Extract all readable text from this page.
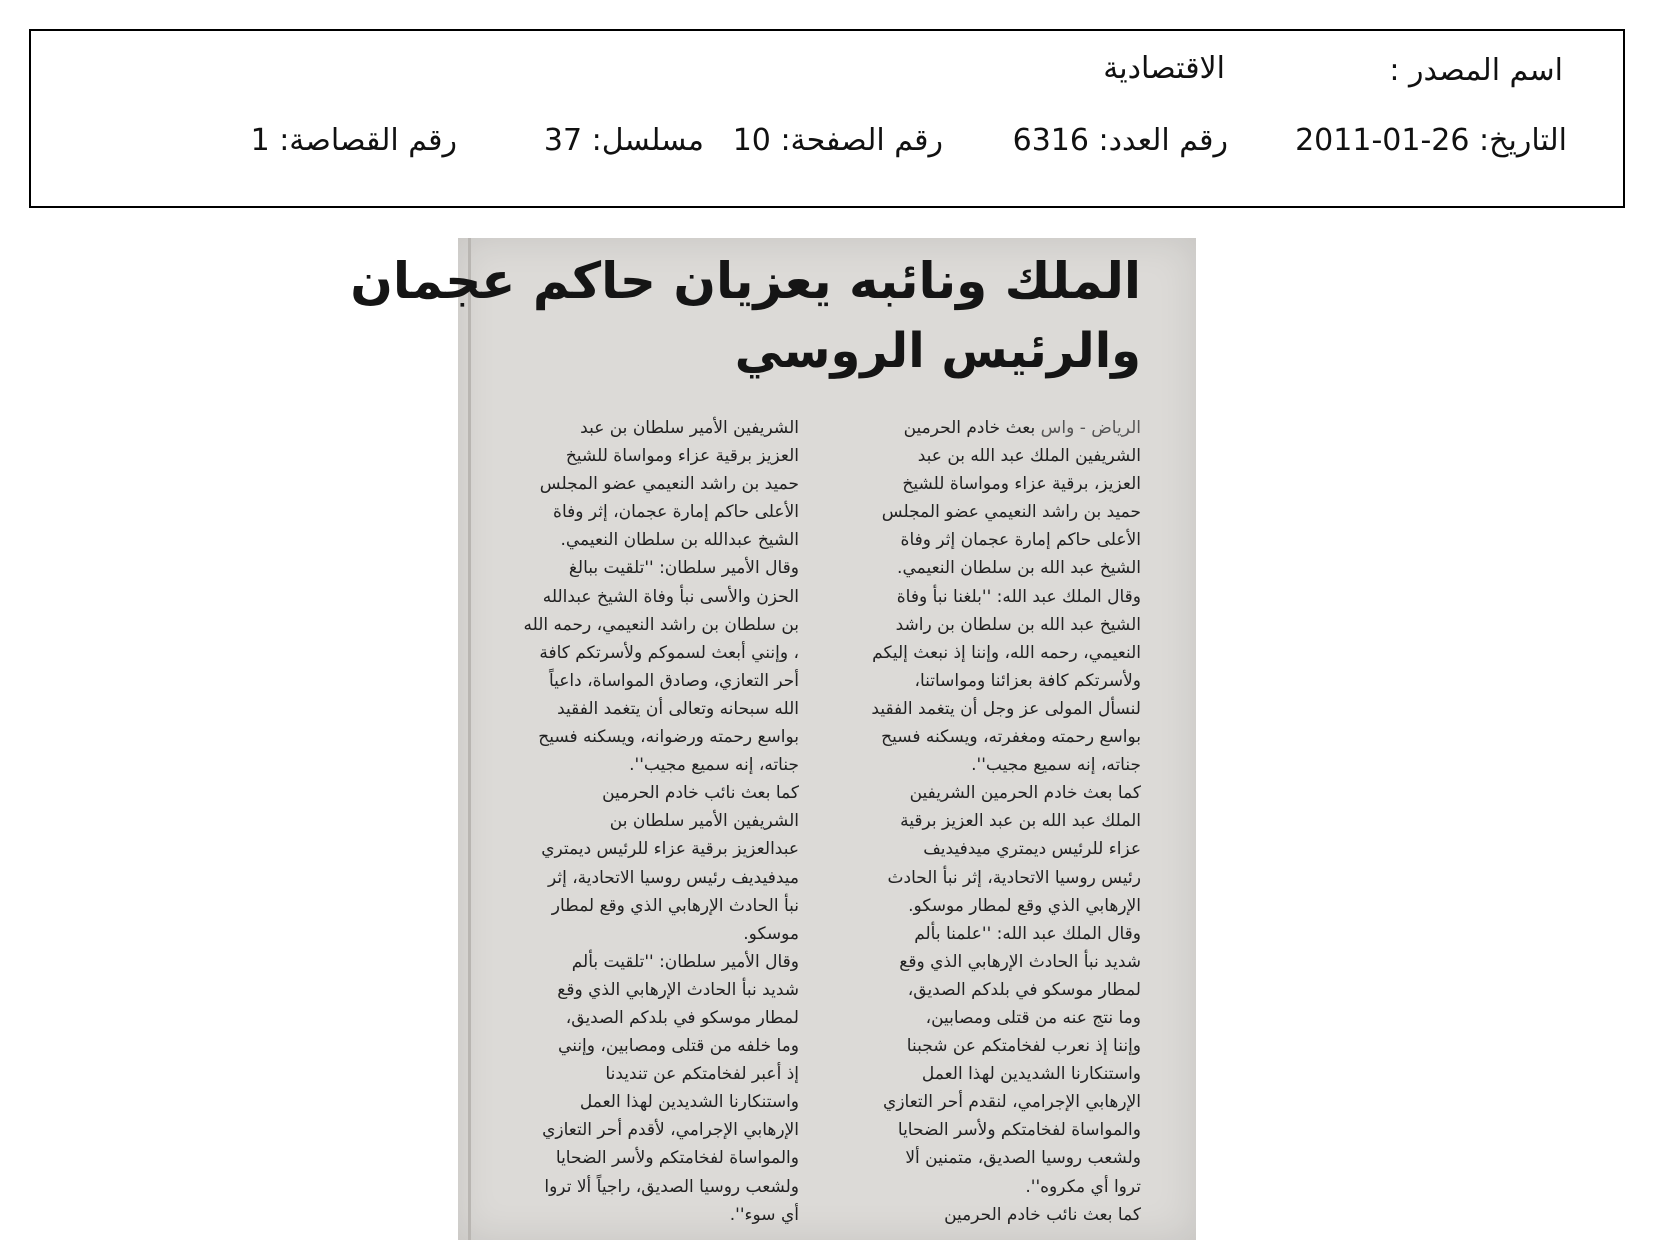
اسم المصدر :
الاقتصادية
التاريخ: 26-01-2011
رقم العدد: 6316
رقم الصفحة: 10
مسلسل: 37
رقم القصاصة: 1
الملك ونائبه يعزيان حاكم عجمان
والرئيس الروسي

الرياض - واس بعث خادم الحرمين

الشريفين الملك عبد الله بن عبد

العزيز، برقية عزاء ومواساة للشيخ

حميد بن راشد النعيمي عضو المجلس

الأعلى حاكم إمارة عجمان إثر وفاة

الشيخ عبد الله بن سلطان النعيمي.

وقال الملك عبد الله: ''بلغنا نبأ وفاة

الشيخ عبد الله بن سلطان بن راشد

النعيمي، رحمه الله، وإننا إذ نبعث إليكم

ولأسرتكم كافة بعزائنا ومواساتنا،

لنسأل المولى عز وجل أن يتغمد الفقيد

بواسع رحمته ومغفرته، ويسكنه فسيح

جناته، إنه سميع مجيب''.

كما بعث خادم الحرمين الشريفين

الملك عبد الله بن عبد العزيز برقية

عزاء للرئيس ديمتري ميدفيديف

رئيس روسيا الاتحادية، إثر نبأ الحادث

الإرهابي الذي وقع لمطار موسكو.

وقال الملك عبد الله: ''علمنا بألم

شديد نبأ الحادث الإرهابي الذي وقع

لمطار موسكو في بلدكم الصديق،

وما نتج عنه من قتلى ومصابين،

وإننا إذ نعرب لفخامتكم عن شجبنا

واستنكارنا الشديدين لهذا العمل

الإرهابي الإجرامي، لنقدم أحر التعازي

والمواساة لفخامتكم ولأسر الضحايا

ولشعب روسيا الصديق، متمنين ألا

تروا أي مكروه''.

كما بعث نائب خادم الحرمين

الشريفين الأمير سلطان بن عبد

العزيز برقية عزاء ومواساة للشيخ

حميد بن راشد النعيمي عضو المجلس

الأعلى حاكم إمارة عجمان، إثر وفاة

الشيخ عبدالله بن سلطان النعيمي.

وقال الأمير سلطان: ''تلقيت ببالغ

الحزن والأسى نبأ وفاة الشيخ عبدالله

بن سلطان بن راشد النعيمي، رحمه الله

، وإنني أبعث لسموكم ولأسرتكم كافة

أحر التعازي، وصادق المواساة، داعياً

الله سبحانه وتعالى أن يتغمد الفقيد

بواسع رحمته ورضوانه، ويسكنه فسيح

جناته، إنه سميع مجيب''.

كما بعث نائب خادم الحرمين

الشريفين الأمير سلطان بن

عبدالعزيز برقية عزاء للرئيس ديمتري

ميدفيديف رئيس روسيا الاتحادية، إثر

نبأ الحادث الإرهابي الذي وقع لمطار

موسكو.

وقال الأمير سلطان: ''تلقيت بألم

شديد نبأ الحادث الإرهابي الذي وقع

لمطار موسكو في بلدكم الصديق،

وما خلفه من قتلى ومصابين، وإنني

إذ أعبر لفخامتكم عن تنديدنا

واستنكارنا الشديدين لهذا العمل

الإرهابي الإجرامي، لأقدم أحر التعازي

والمواساة لفخامتكم ولأسر الضحايا

ولشعب روسيا الصديق، راجياً ألا تروا

أي سوء''.
